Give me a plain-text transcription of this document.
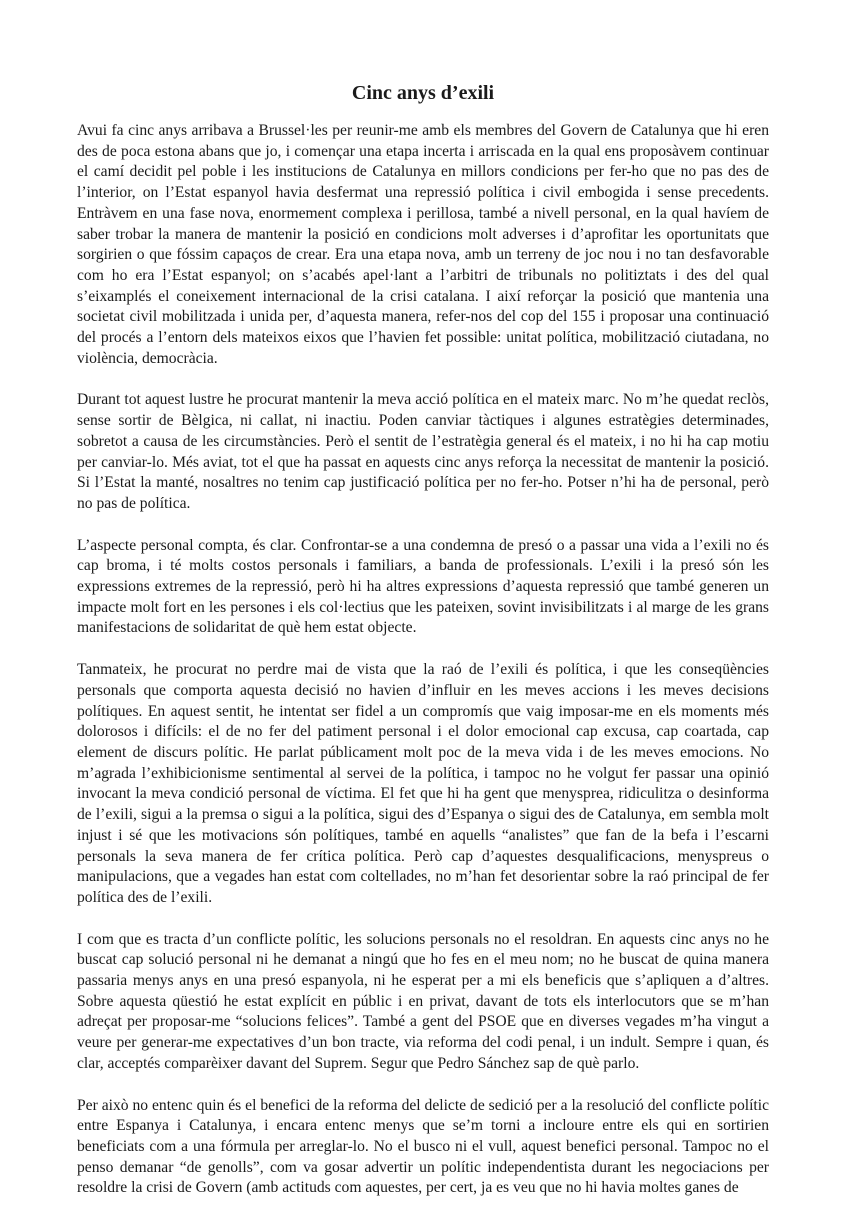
Cinc anys d’exili

Avui fa cinc anys arribava a Brussel·les per reunir-me amb els membres del Govern de Catalunya que hi eren des de poca estona abans que jo, i començar una etapa incerta i arriscada en la qual ens proposàvem continuar el camí decidit pel poble i les institucions de Catalunya en millors condicions per fer-ho que no pas des de l’interior, on l’Estat espanyol havia desfermat una repressió política i civil embogida i sense precedents. Entràvem en una fase nova, enormement complexa i perillosa, també a nivell personal, en la qual havíem de saber trobar la manera de mantenir la posició en condicions molt adverses i d’aprofitar les oportunitats que sorgirien o que fóssim capaços de crear. Era una etapa nova, amb un terreny de joc nou i no tan desfavorable com ho era l’Estat espanyol; on s’acabés apel·lant a l’arbitri de tribunals no politiztats i des del qual s’eixamplés el coneixement internacional de la crisi catalana. I així reforçar la posició que mantenia una societat civil mobilitzada i unida per, d’aquesta manera, refer-nos del cop del 155 i proposar una continuació del procés a l’entorn dels mateixos eixos que l’havien fet possible: unitat política, mobilització ciutadana, no violència, democràcia.

Durant tot aquest lustre he procurat mantenir la meva acció política en el mateix marc. No m’he quedat reclòs, sense sortir de Bèlgica, ni callat, ni inactiu. Poden canviar tàctiques i algunes estratègies determinades, sobretot a causa de les circumstàncies. Però el sentit de l’estratègia general és el mateix, i no hi ha cap motiu per canviar-lo. Més aviat, tot el que ha passat en aquests cinc anys reforça la necessitat de mantenir la posició. Si l’Estat la manté, nosaltres no tenim cap justificació política per no fer-ho. Potser n’hi ha de personal, però no pas de política.

L’aspecte personal compta, és clar. Confrontar-se a una condemna de presó o a passar una vida a l’exili no és cap broma, i té molts costos personals i familiars, a banda de professionals. L’exili i la presó són les expressions extremes de la repressió, però hi ha altres expressions d’aquesta repressió que també generen un impacte molt fort en les persones i els col·lectius que les pateixen, sovint invisibilitzats i al marge de les grans manifestacions de solidaritat de què hem estat objecte.

Tanmateix, he procurat no perdre mai de vista que la raó de l’exili és política, i que les conseqüències personals que comporta aquesta decisió no havien d’influir en les meves accions i les meves decisions polítiques. En aquest sentit, he intentat ser fidel a un compromís que vaig imposar-me en els moments més dolorosos i difícils: el de no fer del patiment personal i el dolor emocional cap excusa, cap coartada, cap element de discurs polític. He parlat públicament molt poc de la meva vida i de les meves emocions. No m’agrada l’exhibicionisme sentimental al servei de la política, i tampoc no he volgut fer passar una opinió invocant la meva condició personal de víctima. El fet que hi ha gent que menysprea, ridiculitza o desinforma de l’exili, sigui a la premsa o sigui a la política, sigui des d’Espanya o sigui des de Catalunya, em sembla molt injust i sé que les motivacions són polítiques, també en aquells “analistes” que fan de la befa i l’escarni personals la seva manera de fer crítica política. Però cap d’aquestes desqualificacions, menyspreus o manipulacions, que a vegades han estat com coltellades, no m’han fet desorientar sobre la raó principal de fer política des de l’exili.

I com que es tracta d’un conflicte polític, les solucions personals no el resoldran. En aquests cinc anys no he buscat cap solució personal ni he demanat a ningú que ho fes en el meu nom; no he buscat de quina manera passaria menys anys en una presó espanyola, ni he esperat per a mi els beneficis que s’apliquen a d’altres. Sobre aquesta qüestió he estat explícit en públic i en privat, davant de tots els interlocutors que se m’han adreçat per proposar-me “solucions felices”. També a gent del PSOE que en diverses vegades m’ha vingut a veure per generar-me expectatives d’un bon tracte, via reforma del codi penal, i un indult. Sempre i quan, és clar, acceptés comparèixer davant del Suprem. Segur que Pedro Sánchez sap de què parlo.

Per això no entenc quin és el benefici de la reforma del delicte de sedició per a la resolució del conflicte polític entre Espanya i Catalunya, i encara entenc menys que se’m torni a incloure entre els qui en sortirien beneficiats com a una fórmula per arreglar-lo. No el busco ni el vull, aquest benefici personal. Tampoc no el penso demanar “de genolls”, com va gosar advertir un polític independentista durant les negociacions per resoldre la crisi de Govern (amb actituds com aquestes, per cert, ja es veu que no hi havia moltes ganes de
